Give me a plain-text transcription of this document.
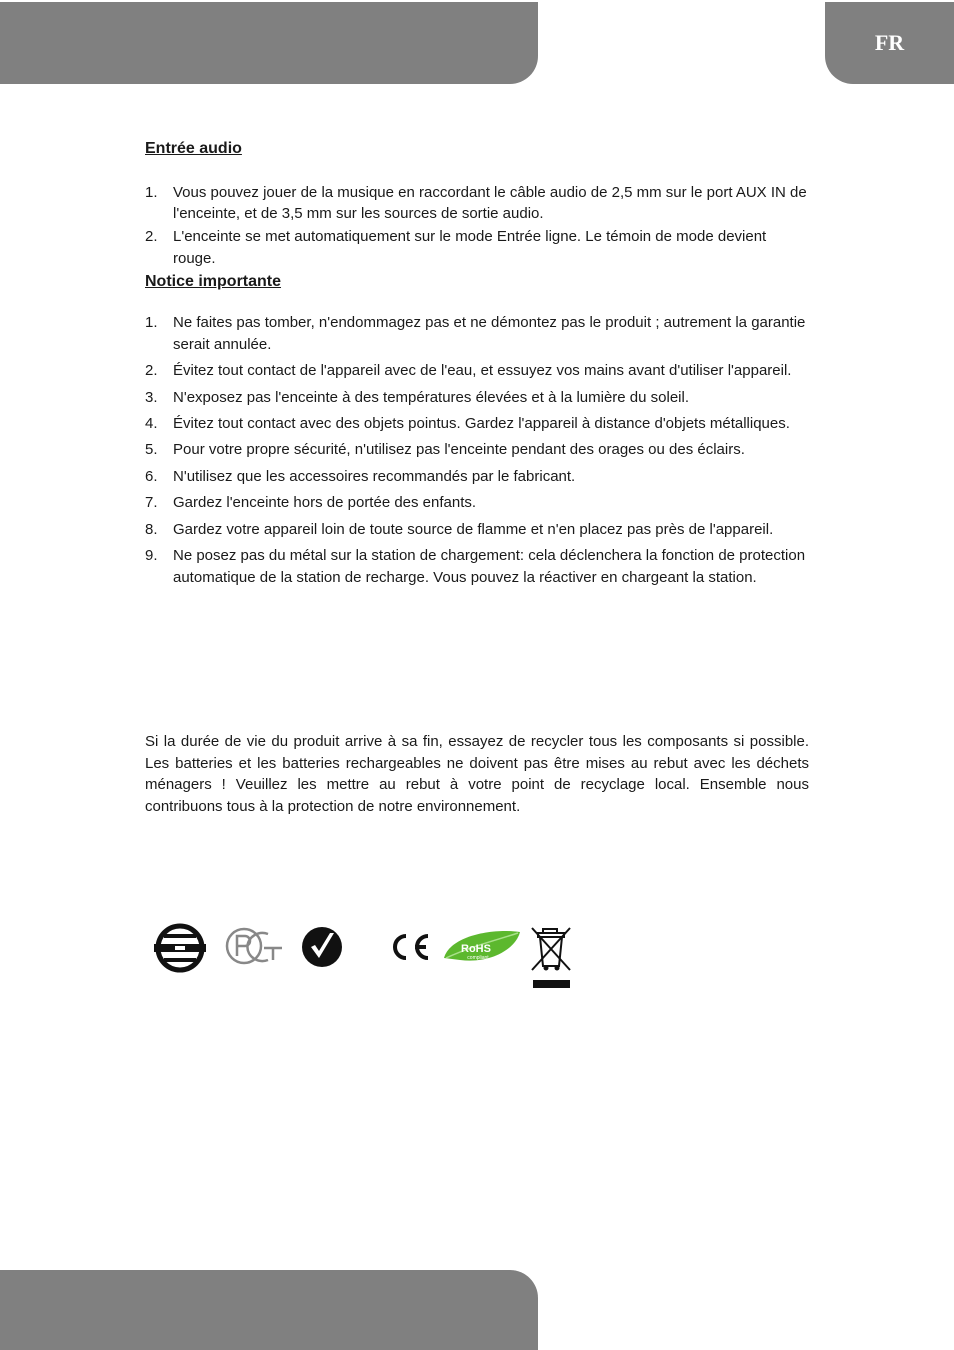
FR
Entrée audio
1. Vous pouvez jouer de la musique en raccordant le câble audio de 2,5 mm sur le port AUX IN de l'enceinte, et de 3,5 mm sur les sources de sortie audio.
2. L'enceinte se met automatiquement sur le mode Entrée ligne. Le témoin de mode devient rouge.
Notice importante
1. Ne faites pas tomber, n'endommagez pas et ne démontez pas le produit ; autrement la garantie serait annulée.
2. Évitez tout contact de l'appareil avec de l'eau, et essuyez vos mains avant d'utiliser l'appareil.
3. N'exposez pas l'enceinte à des températures élevées et à la lumière du soleil.
4. Évitez tout contact avec des objets pointus. Gardez l'appareil à distance d'objets métalliques.
5. Pour votre propre sécurité, n'utilisez pas l'enceinte pendant des orages ou des éclairs.
6. N'utilisez que les accessoires recommandés par le fabricant.
7. Gardez l'enceinte hors de portée des enfants.
8. Gardez votre appareil loin de toute source de flamme et n'en placez pas près de l'appareil.
9. Ne posez pas du métal sur la station de chargement: cela déclenchera la fonction de protection automatique de la station de recharge. Vous pouvez la réactiver en chargeant la station.

Si la durée de vie du produit arrive à sa fin, essayez de recycler tous les composants si possible. Les batteries et les batteries rechargeables ne doivent pas être mises au rebut avec les déchets ménagers ! Veuillez les mettre au rebut à votre point de recyclage local. Ensemble nous contribuons tous à la protection de notre environnement.

RoHS
compliant
